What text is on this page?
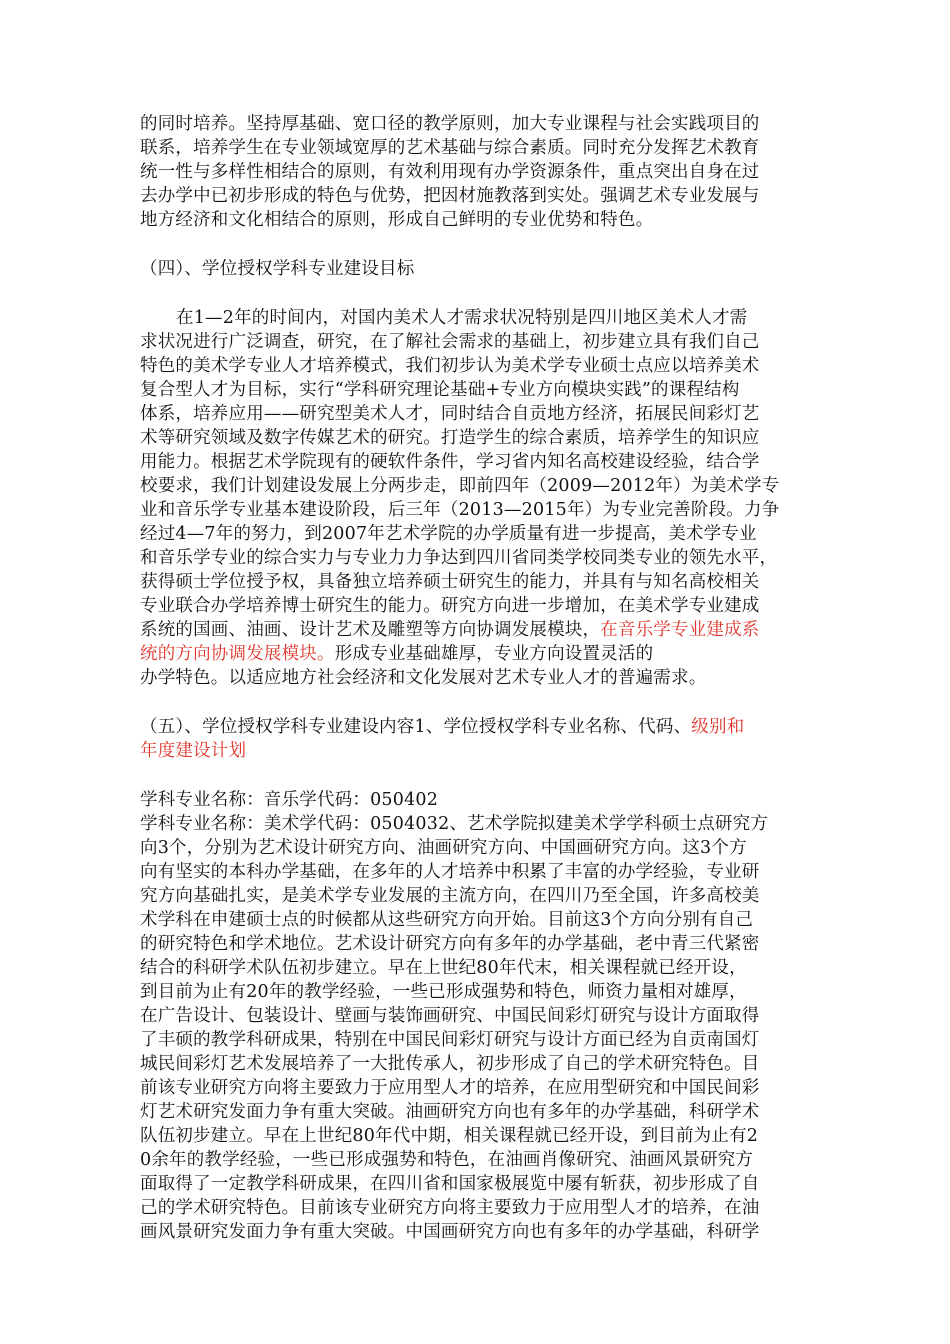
的同时培养。坚持厚基础、宽口径的教学原则，加大专业课程与社会实践项目的
联系，培养学生在专业领域宽厚的艺术基础与综合素质。同时充分发挥艺术教育
统一性与多样性相结合的原则，有效利用现有办学资源条件，重点突出自身在过
去办学中已初步形成的特色与优势，把因材施教落到实处。强调艺术专业发展与
地方经济和文化相结合的原则，形成自己鲜明的专业优势和特色。
（四）、学位授权学科专业建设目标
在1—2年的时间内，对国内美术人才需求状况特别是四川地区美术人才需
求状况进行广泛调查，研究，在了解社会需求的基础上，初步建立具有我们自己
特色的美术学专业人才培养模式，我们初步认为美术学专业硕士点应以培养美术
复合型人才为目标，实行“学科研究理论基础+专业方向模块实践”的课程结构
体系，培养应用——研究型美术人才，同时结合自贡地方经济，拓展民间彩灯艺
术等研究领域及数字传媒艺术的研究。打造学生的综合素质，培养学生的知识应
用能力。根据艺术学院现有的硬软件条件，学习省内知名高校建设经验，结合学
校要求，我们计划建设发展上分两步走，即前四年（2009—2012年）为美术学专
业和音乐学专业基本建设阶段，后三年（2013—2015年）为专业完善阶段。力争
经过4—7年的努力，到2007年艺术学院的办学质量有进一步提高，美术学专业
和音乐学专业的综合实力与专业力力争达到四川省同类学校同类专业的领先水平，
获得硕士学位授予权，具备独立培养硕士研究生的能力，并具有与知名高校相关
专业联合办学培养博士研究生的能力。研究方向进一步增加，在美术学专业建成
系统的国画、油画、设计艺术及雕塑等方向协调发展模块，在音乐学专业建成系
统的方向协调发展模块。形成专业基础雄厚，专业方向设置灵活的
办学特色。以适应地方社会经济和文化发展对艺术专业人才的普遍需求。
（五）、学位授权学科专业建设内容1、学位授权学科专业名称、代码、级别和
年度建设计划
学科专业名称：音乐学代码：050402
学科专业名称：美术学代码：0504032、艺术学院拟建美术学学科硕士点研究方
向3个，分别为艺术设计研究方向、油画研究方向、中国画研究方向。这3个方
向有坚实的本科办学基础，在多年的人才培养中积累了丰富的办学经验，专业研
究方向基础扎实，是美术学专业发展的主流方向，在四川乃至全国，许多高校美
术学科在申建硕士点的时候都从这些研究方向开始。目前这3个方向分别有自己
的研究特色和学术地位。艺术设计研究方向有多年的办学基础，老中青三代紧密
结合的科研学术队伍初步建立。早在上世纪80年代末，相关课程就已经开设，
到目前为止有20年的教学经验，一些已形成强势和特色，师资力量相对雄厚，
在广告设计、包装设计、壁画与装饰画研究、中国民间彩灯研究与设计方面取得
了丰硕的教学科研成果，特别在中国民间彩灯研究与设计方面已经为自贡南国灯
城民间彩灯艺术发展培养了一大批传承人，初步形成了自己的学术研究特色。目
前该专业研究方向将主要致力于应用型人才的培养，在应用型研究和中国民间彩
灯艺术研究发面力争有重大突破。油画研究方向也有多年的办学基础，科研学术
队伍初步建立。早在上世纪80年代中期，相关课程就已经开设，到目前为止有2
0余年的教学经验，一些已形成强势和特色，在油画肖像研究、油画风景研究方
面取得了一定教学科研成果，在四川省和国家极展览中屡有斩获，初步形成了自
己的学术研究特色。目前该专业研究方向将主要致力于应用型人才的培养，在油
画风景研究发面力争有重大突破。中国画研究方向也有多年的办学基础，科研学
